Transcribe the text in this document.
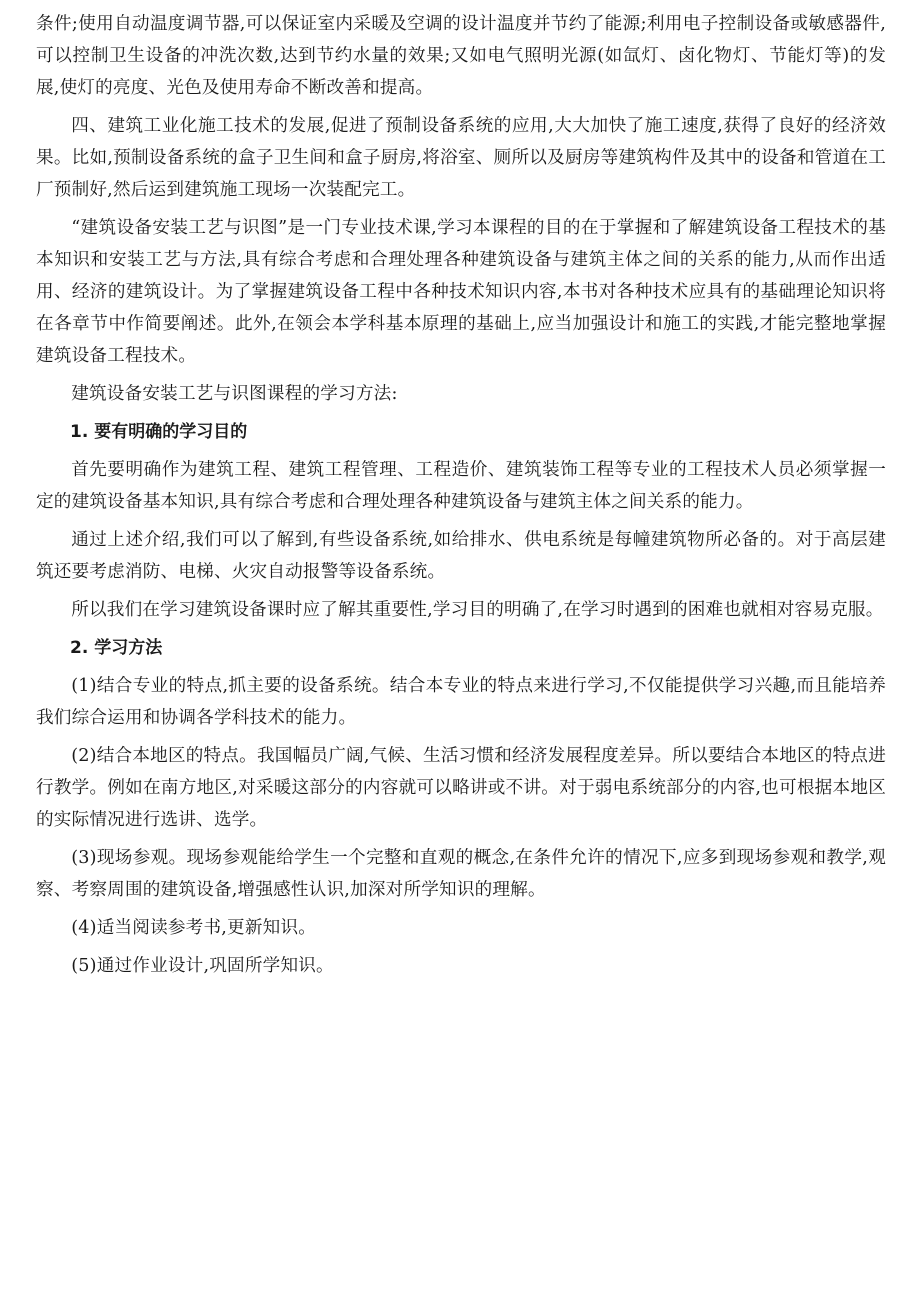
条件;使用自动温度调节器,可以保证室内采暖及空调的设计温度并节约了能源;利用电子控制设备或敏感器件,可以控制卫生设备的冲洗次数,达到节约水量的效果;又如电气照明光源(如氙灯、卤化物灯、节能灯等)的发展,使灯的亮度、光色及使用寿命不断改善和提高。

四、建筑工业化施工技术的发展,促进了预制设备系统的应用,大大加快了施工速度,获得了良好的经济效果。比如,预制设备系统的盒子卫生间和盒子厨房,将浴室、厕所以及厨房等建筑构件及其中的设备和管道在工厂预制好,然后运到建筑施工现场一次装配完工。

“建筑设备安装工艺与识图”是一门专业技术课,学习本课程的目的在于掌握和了解建筑设备工程技术的基本知识和安装工艺与方法,具有综合考虑和合理处理各种建筑设备与建筑主体之间的关系的能力,从而作出适用、经济的建筑设计。为了掌握建筑设备工程中各种技术知识内容,本书对各种技术应具有的基础理论知识将在各章节中作简要阐述。此外,在领会本学科基本原理的基础上,应当加强设计和施工的实践,才能完整地掌握建筑设备工程技术。

建筑设备安装工艺与识图课程的学习方法:

1. 要有明确的学习目的

首先要明确作为建筑工程、建筑工程管理、工程造价、建筑装饰工程等专业的工程技术人员必须掌握一定的建筑设备基本知识,具有综合考虑和合理处理各种建筑设备与建筑主体之间关系的能力。

通过上述介绍,我们可以了解到,有些设备系统,如给排水、供电系统是每幢建筑物所必备的。对于高层建筑还要考虑消防、电梯、火灾自动报警等设备系统。

所以我们在学习建筑设备课时应了解其重要性,学习目的明确了,在学习时遇到的困难也就相对容易克服。

2. 学习方法

(1)结合专业的特点,抓主要的设备系统。结合本专业的特点来进行学习,不仅能提供学习兴趣,而且能培养我们综合运用和协调各学科技术的能力。

(2)结合本地区的特点。我国幅员广阔,气候、生活习惯和经济发展程度差异。所以要结合本地区的特点进行教学。例如在南方地区,对采暖这部分的内容就可以略讲或不讲。对于弱电系统部分的内容,也可根据本地区的实际情况进行选讲、选学。

(3)现场参观。现场参观能给学生一个完整和直观的概念,在条件允许的情况下,应多到现场参观和教学,观察、考察周围的建筑设备,增强感性认识,加深对所学知识的理解。

(4)适当阅读参考书,更新知识。

(5)通过作业设计,巩固所学知识。
